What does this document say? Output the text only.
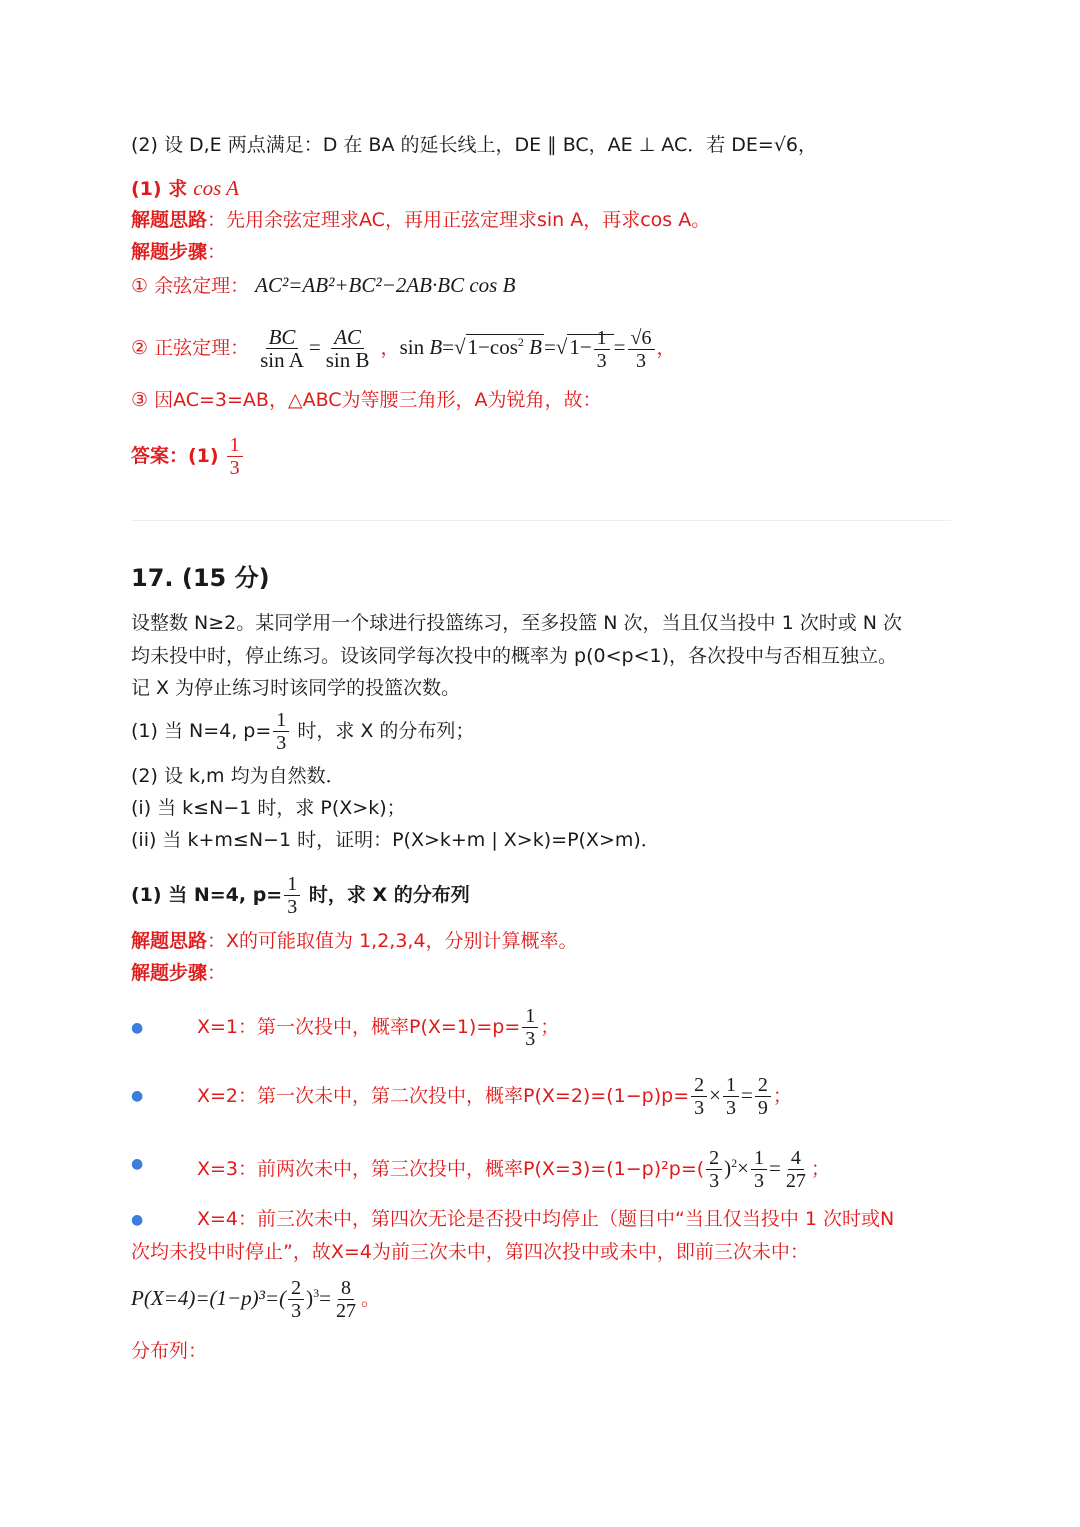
(2) 设 D,E 两点满足：D 在 BA 的延长线上，DE ∥ BC，AE ⊥ AC．若 DE=√6，
(1) 求 cos A
解题思路：先用余弦定理求AC，再用正弦定理求sin A，再求cos A。
解题步骤：
① 余弦定理： AC²=AB²+BC²−2AB·BC cos B
② 正弦定理： $\frac{BC}{\text{sin A}} = \frac{AC}{\text{sin B}}$ ，$\sin B=√1-\cos^2$ $B=√1- \frac{1}{3} = \frac{√6}{3}$ ，
③ 因AC=3=AB，△ABC为等腰三角形，A为锐角，故：
答案：$(1) \frac{1}{3}$
17. (15 分)
设整数 N≥2。某同学用一个球进行投篮练习，至多投篮 N 次，当且仅当投中 1 次时或 N 次
均未投中时，停止练习。设该同学每次投中的概率为 p(0<p<1)，各次投中与否相互独立。
记 X 为停止练习时该同学的投篮次数。
(1) 当 N=4, $p= \frac{1}{3}$ 时，求 X 的分布列；
(2) 设 k,m 均为自然数．
(i) 当 k≤N−1 时，求 P(X>k)；
(ii) 当 k+m≤N−1 时，证明：P(X>k+m | X>k)=P(X>m)．
(1) 当 N=4, $p= \frac{1}{3}$ 时，求 X 的分布列
解题思路：X的可能取值为 1,2,3,4，分别计算概率。
解题步骤：
●	X=1：第一次投中，概率$P(X=1)=p= \frac{1}{3}$ ；
●	X=2：第一次未中，第二次投中，概率$P(X=2)=(1-p)p= \frac{2}{3} \times \frac{1}{3} = \frac{2}{9}$ ；
●	X=3：前两次未中，第三次投中，概率$P(X=3)=(1-p)^2p=( \frac{2}{3} )^2\times \frac{1}{3} = \frac{4}{27}$ ；
●	X=4：前三次未中，第四次无论是否投中均停止（题目中“当且仅当投中 1 次时或N
次均未投中时停止”，故X=4为前三次未中，第四次投中或未中，即前三次未中：
$P(X=4)=(1-p)^3=( \frac{2}{3} )^3= \frac{8}{27}$ 。
分布列：
